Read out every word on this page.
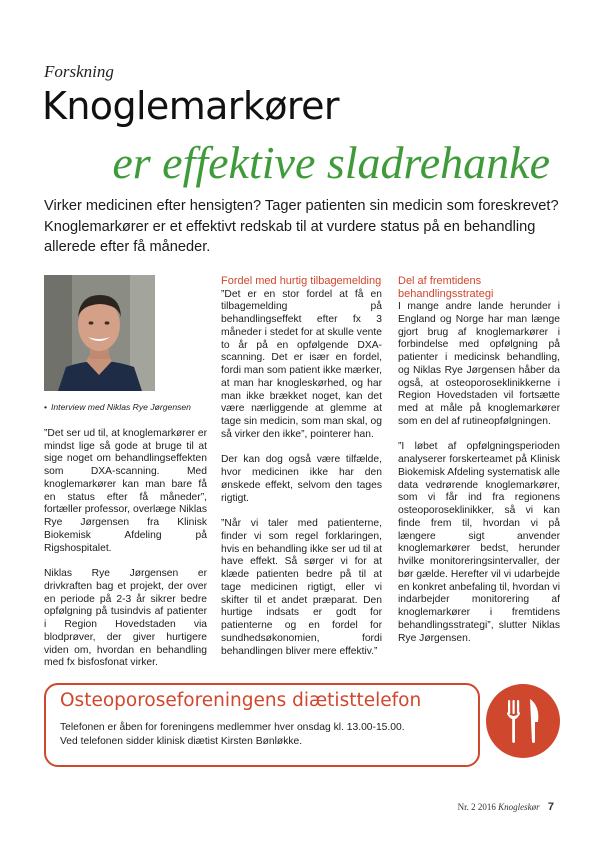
Forskning
Knoglemarkører
er effektive sladrehanke
Virker medicinen efter hensigten? Tager patienten sin medicin som foreskrevet? Knoglemarkører er et effektivt redskab til at vurdere status på en behandling allerede efter få måneder.
• Interview med Niklas Rye Jørgensen

”Det ser ud til, at knoglemarkører er mindst lige så gode at bruge til at sige noget om behandlingseffekten som DXA-scanning. Med knoglemarkører kan man bare få en status efter få måneder”, fortæller professor, overlæge Niklas Rye Jørgensen fra Klinisk Biokemisk Afdeling på Rigshospitalet.

Niklas Rye Jørgensen er drivkraften bag et projekt, der over en periode på 2-3 år sikrer bedre opfølgning på tusindvis af patienter i Region Hovedstaden via blodprøver, der giver hurtigere viden om, hvordan en behandling med fx bisfosfonat virker.

Fordel med hurtig tilbagemelding

”Det er en stor fordel at få en tilbagemelding på behandlingseffekt efter fx 3 måneder i stedet for at skulle vente to år på en opfølgende DXA-scanning. Det er især en fordel, fordi man som patient ikke mærker, at man har knogleskørhed, og har man ikke brækket noget, kan det være nærliggende at glemme at tage sin medicin, som man skal, og så virker den ikke”, pointerer han.

Der kan dog også være tilfælde, hvor medicinen ikke har den ønskede effekt, selvom den tages rigtigt.

”Når vi taler med patienterne, finder vi som regel forklaringen, hvis en behandling ikke ser ud til at have effekt. Så sørger vi for at klæde patienten bedre på til at tage medicinen rigtigt, eller vi skifter til et andet præparat. Den hurtige indsats er godt for patienterne og en fordel for sundhedsøkonomien, fordi behandlingen bliver mere effektiv.”

Del af fremtidens behandlingsstrategi

I mange andre lande herunder i England og Norge har man længe gjort brug af knoglemarkører i forbindelse med opfølgning på patienter i medicinsk behandling, og Niklas Rye Jørgensen håber da også, at osteoporoseklinikkerne i Region Hovedstaden vil fortsætte med at måle på knoglemarkører som en del af rutineopfølgningen.

”I løbet af opfølgningsperioden analyserer forskerteamet på Klinisk Biokemisk Afdeling systematisk alle data vedrørende knoglemarkører, som vi får ind fra regionens osteoporoseklinikker, så vi kan finde frem til, hvordan vi på længere sigt anvender knoglemarkører bedst, herunder hvilke monitoreringsintervaller, der bør gælde. Herefter vil vi udarbejde en konkret anbefaling til, hvordan vi indarbejder monitorering af knoglemarkører i fremtidens behandlingsstrategi”, slutter Niklas Rye Jørgensen.

Osteoporoseforeningens diætisttelefon
Telefonen er åben for foreningens medlemmer hver onsdag kl. 13.00-15.00.
Ved telefonen sidder klinisk diætist Kirsten Bønløkke.
Nr. 2 2016 Knogleskør 7
